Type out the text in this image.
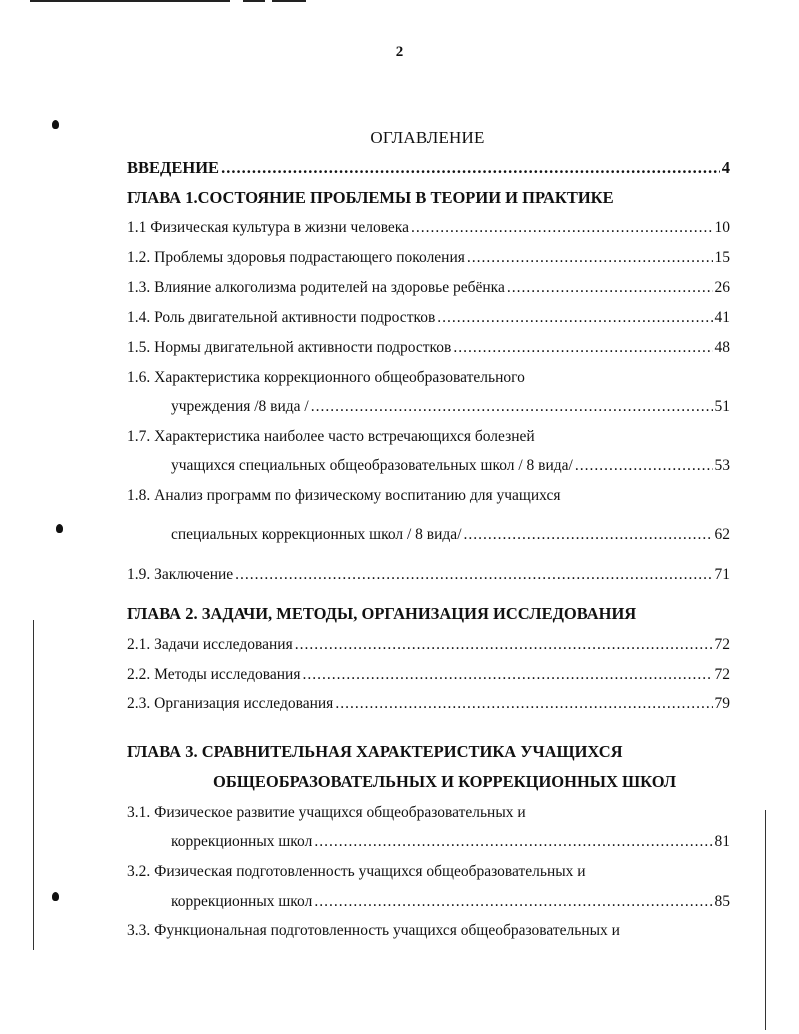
2
ОГЛАВЛЕНИЕ
ВВЕДЕНИЕ .....	4
ГЛАВА 1.СОСТОЯНИЕ ПРОБЛЕМЫ В ТЕОРИИ И ПРАКТИКЕ
1.1 Физическая культура в жизни человека .....	10
1.2. Проблемы здоровья подрастающего поколения .....	15
1.3. Влияние алкоголизма родителей на здоровье ребёнка .....	26
1.4. Роль двигательной активности подростков .....	41
1.5. Нормы двигательной активности подростков .....	48
1.6. Характеристика коррекционного общеобразовательного
учреждения /8 вида / .....	51
1.7. Характеристика наиболее часто встречающихся болезней
учащихся специальных общеобразовательных школ / 8 вида/ .....	53
1.8. Анализ программ по физическому воспитанию для учащихся
специальных коррекционных школ / 8 вида/ .....	62
1.9. Заключение .....	71
ГЛАВА 2. ЗАДАЧИ, МЕТОДЫ, ОРГАНИЗАЦИЯ ИССЛЕДОВАНИЯ
2.1. Задачи исследования .....	72
2.2. Методы исследования .....	72
2.3. Организация исследования .....	79
ГЛАВА 3. СРАВНИТЕЛЬНАЯ ХАРАКТЕРИСТИКА УЧАЩИХСЯ
ОБЩЕОБРАЗОВАТЕЛЬНЫХ И КОРРЕКЦИОННЫХ ШКОЛ
3.1. Физическое развитие учащихся общеобразовательных и
коррекционных школ .....	81
3.2. Физическая подготовленность учащихся общеобразовательных и
коррекционных школ .....	85
3.3. Функциональная подготовленность учащихся общеобразовательных и
